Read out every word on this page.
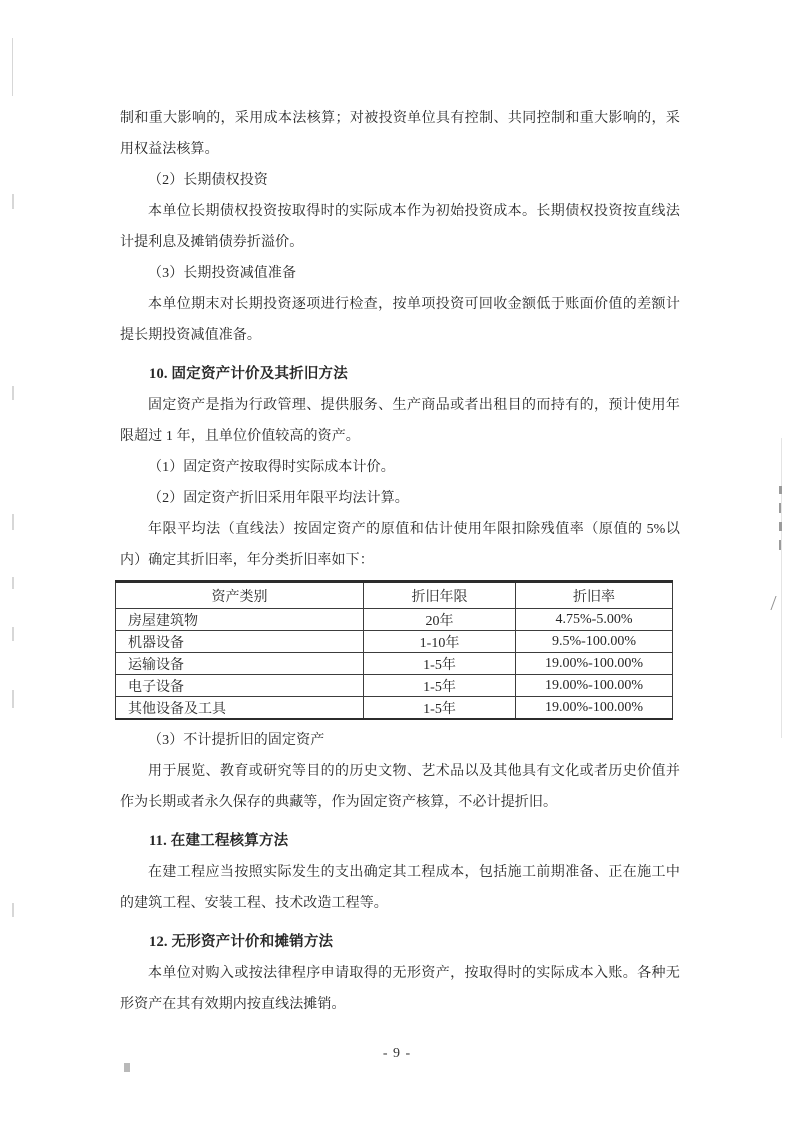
制和重大影响的，采用成本法核算；对被投资单位具有控制、共同控制和重大影响的，采用权益法核算。

（2）长期债权投资

本单位长期债权投资按取得时的实际成本作为初始投资成本。长期债权投资按直线法计提利息及摊销债券折溢价。

（3）长期投资减值准备

本单位期末对长期投资逐项进行检查，按单项投资可回收金额低于账面价值的差额计提长期投资减值准备。

10. 固定资产计价及其折旧方法

固定资产是指为行政管理、提供服务、生产商品或者出租目的而持有的，预计使用年限超过 1 年，且单位价值较高的资产。

（1）固定资产按取得时实际成本计价。

（2）固定资产折旧采用年限平均法计算。

年限平均法（直线法）按固定资产的原值和估计使用年限扣除残值率（原值的 5%以内）确定其折旧率，年分类折旧率如下：

资产类别	折旧年限	折旧率
房屋建筑物	20年	4.75%-5.00%
机器设备	1-10年	9.5%-100.00%
运输设备	1-5年	19.00%-100.00%
电子设备	1-5年	19.00%-100.00%
其他设备及工具	1-5年	19.00%-100.00%

（3）不计提折旧的固定资产

用于展览、教育或研究等目的的历史文物、艺术品以及其他具有文化或者历史价值并作为长期或者永久保存的典藏等，作为固定资产核算，不必计提折旧。

11. 在建工程核算方法

在建工程应当按照实际发生的支出确定其工程成本，包括施工前期准备、正在施工中的建筑工程、安装工程、技术改造工程等。

12. 无形资产计价和摊销方法

本单位对购入或按法律程序申请取得的无形资产，按取得时的实际成本入账。各种无形资产在其有效期内按直线法摊销。

- 9 -
